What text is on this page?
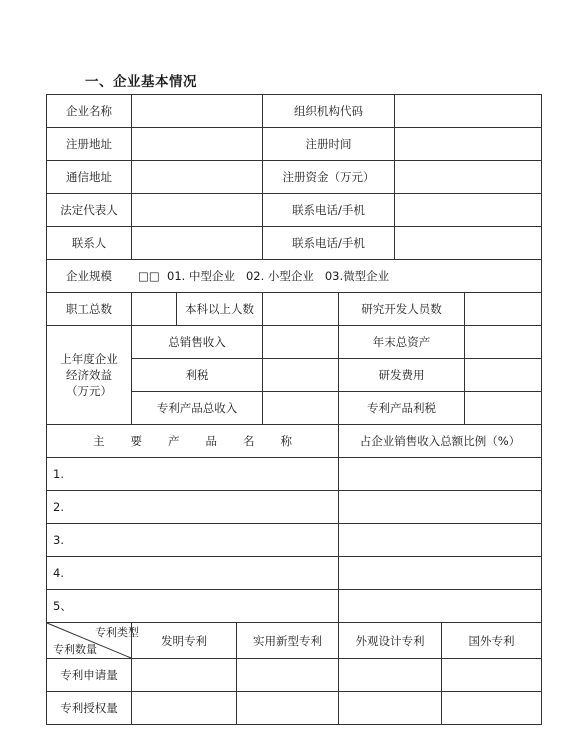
一、企业基本情况
企业名称	组织机构代码
注册地址	注册时间
通信地址	注册资金（万元）
法定代表人	联系电话/手机
联系人	联系电话/手机
企业规模	□□  01. 中型企业   02. 小型企业   03.微型企业
职工总数	本科以上人数	研究开发人员数
上年度企业
经济效益
（万元）
总销售收入	年末总资产
利税	研发费用
专利产品总收入	专利产品利税
主要产品名称	占企业销售收入总额比例（%）
1.
2.
3.
4.
5、
专利类型
专利数量
发明专利	实用新型专利	外观设计专利	国外专利
专利申请量
专利授权量
